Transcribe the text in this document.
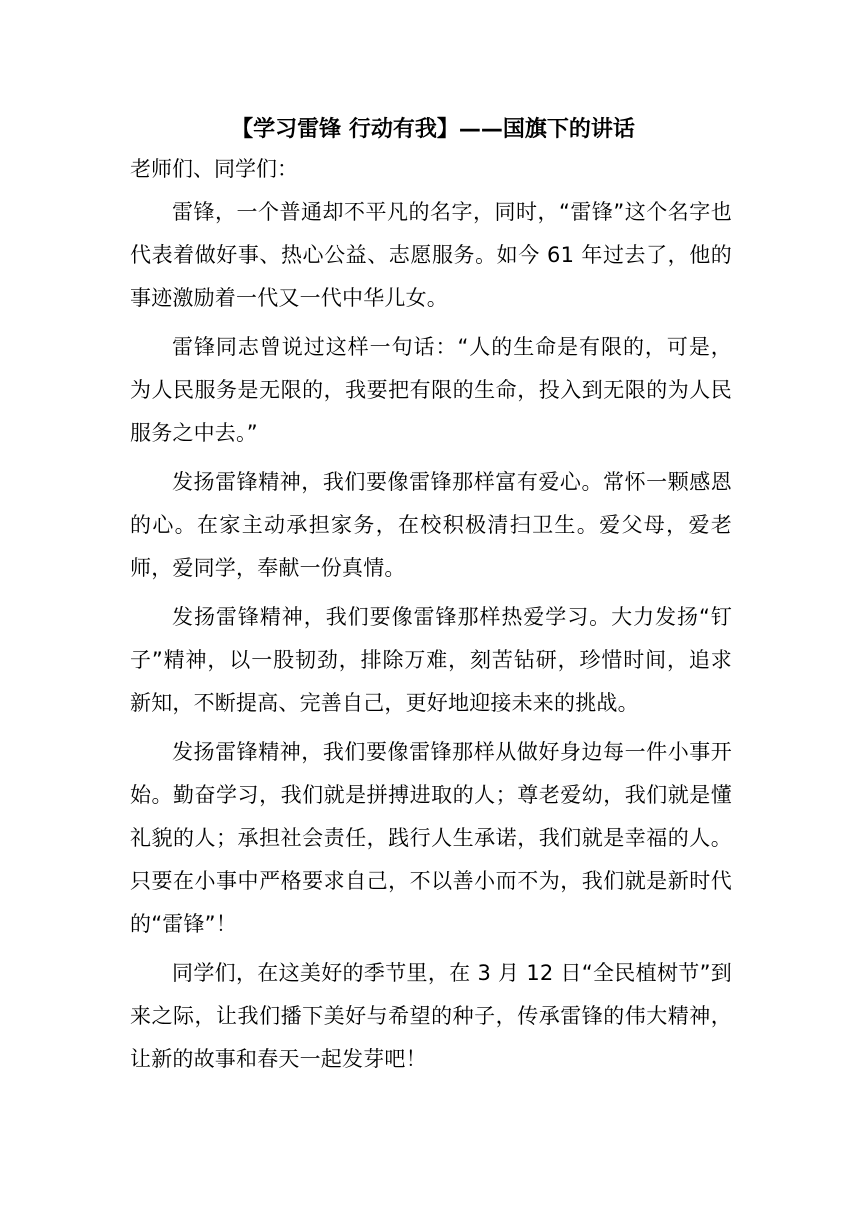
【学习雷锋 行动有我】——国旗下的讲话

老师们、同学们：

雷锋，一个普通却不平凡的名字，同时，“雷锋”这个名字也代表着做好事、热心公益、志愿服务。如今 61 年过去了，他的事迹激励着一代又一代中华儿女。

雷锋同志曾说过这样一句话：“人的生命是有限的，可是，为人民服务是无限的，我要把有限的生命，投入到无限的为人民服务之中去。”

发扬雷锋精神，我们要像雷锋那样富有爱心。常怀一颗感恩的心。在家主动承担家务，在校积极清扫卫生。爱父母，爱老师，爱同学，奉献一份真情。

发扬雷锋精神，我们要像雷锋那样热爱学习。大力发扬“钉子”精神，以一股韧劲，排除万难，刻苦钻研，珍惜时间，追求新知，不断提高、完善自己，更好地迎接未来的挑战。

发扬雷锋精神，我们要像雷锋那样从做好身边每一件小事开始。勤奋学习，我们就是拼搏进取的人；尊老爱幼，我们就是懂礼貌的人；承担社会责任，践行人生承诺，我们就是幸福的人。只要在小事中严格要求自己，不以善小而不为，我们就是新时代的“雷锋”！

同学们，在这美好的季节里，在 3 月 12 日“全民植树节”到来之际，让我们播下美好与希望的种子，传承雷锋的伟大精神，让新的故事和春天一起发芽吧！
